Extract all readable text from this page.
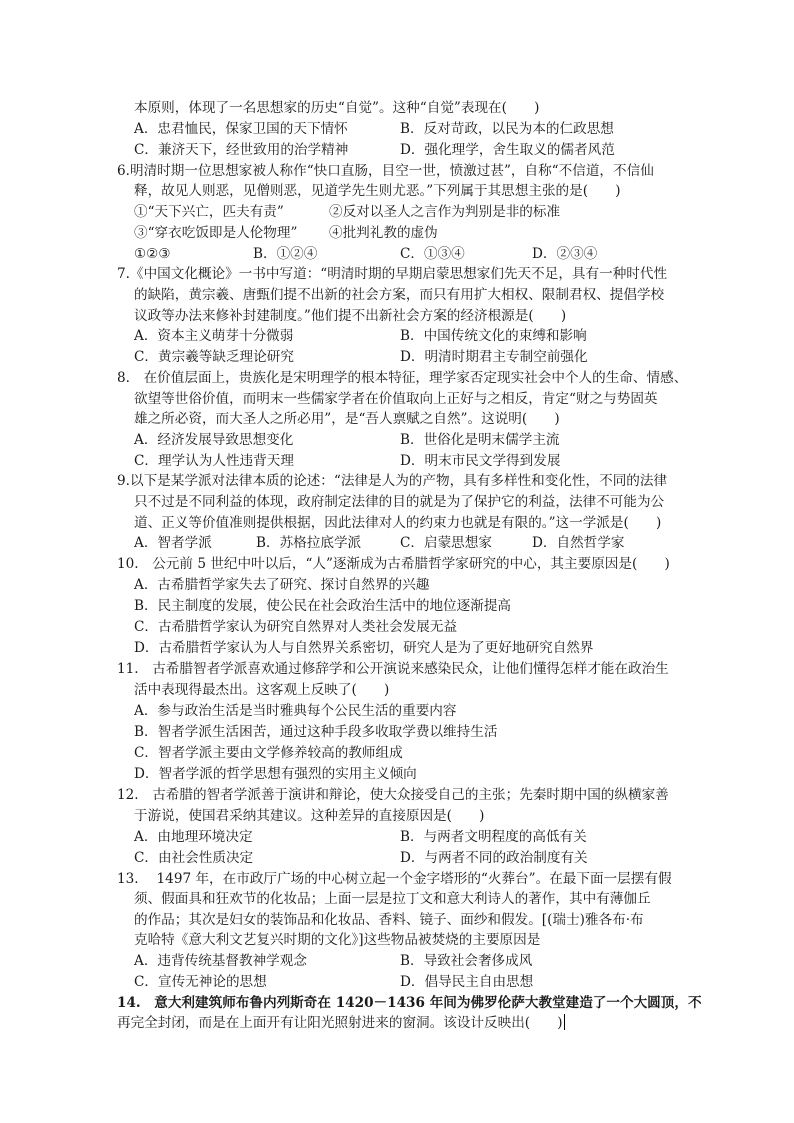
本原则，体现了一名思想家的历史“自觉”。这种“自觉”表现在(　　)
A．忠君恤民，保家卫国的天下情怀	B．反对苛政，以民为本的仁政思想
C．兼济天下，经世致用的治学精神	D．强化理学，舍生取义的儒者风范
6.明清时期一位思想家被人称作“快口直肠，目空一世，愤激过甚”，自称“不信道，不信仙
释，故见人则恶，见僧则恶，见道学先生则尤恶。”下列属于其思想主张的是(　　)
①“天下兴亡，匹夫有责”	②反对以圣人之言作为判别是非的标准
③“穿衣吃饭即是人伦物理” ④批判礼教的虚伪
①②③	B．①②④	C．①③④	D．②③④
7.《中国文化概论》一书中写道：“明清时期的早期启蒙思想家们先天不足，具有一种时代性
的缺陷，黄宗羲、唐甄们提不出新的社会方案，而只有用扩大相权、限制君权、提倡学校
议政等办法来修补封建制度。”他们提不出新社会方案的经济根源是(　　)
A．资本主义萌芽十分微弱	B．中国传统文化的束缚和影响
C．黄宗羲等缺乏理论研究	D．明清时期君主专制空前强化
8.　在价值层面上，贵族化是宋明理学的根本特征，理学家否定现实社会中个人的生命、情感、
欲望等世俗价值，而明末一些儒家学者在价值取向上正好与之相反，肯定“财之与势固英
雄之所必资，而大圣人之所必用”，是“吾人禀赋之自然”。这说明(　　)
A．经济发展导致思想变化	B．世俗化是明末儒学主流
C．理学认为人性违背天理	D．明末市民文学得到发展
9.以下是某学派对法律本质的论述：“法律是人为的产物，具有多样性和变化性，不同的法律
只不过是不同利益的体现，政府制定法律的目的就是为了保护它的利益，法律不可能为公
道、正义等价值准则提供根据，因此法律对人的约束力也就是有限的。”这一学派是(　　)
A．智者学派	B．苏格拉底学派	C．启蒙思想家	D．自然哲学家
10.　公元前 5 世纪中叶以后，“人”逐渐成为古希腊哲学家研究的中心，其主要原因是(　　)
A．古希腊哲学家失去了研究、探讨自然界的兴趣
B．民主制度的发展，使公民在社会政治生活中的地位逐渐提高
C．古希腊哲学家认为研究自然界对人类社会发展无益
D．古希腊哲学家认为人与自然界关系密切，研究人是为了更好地研究自然界
11.　古希腊智者学派喜欢通过修辞学和公开演说来感染民众，让他们懂得怎样才能在政治生
活中表现得最杰出。这客观上反映了(　　)
A．参与政治生活是当时雅典每个公民生活的重要内容
B．智者学派生活困苦，通过这种手段多收取学费以维持生活
C．智者学派主要由文学修养较高的教师组成
D．智者学派的哲学思想有强烈的实用主义倾向
12.　古希腊的智者学派善于演讲和辩论，使大众接受自己的主张；先秦时期中国的纵横家善
于游说，使国君采纳其建议。这种差异的直接原因是(　　)
A．由地理环境决定	B．与两者文明程度的高低有关
C．由社会性质决定	D．与两者不同的政治制度有关
13.　 1497 年，在市政厅广场的中心树立起一个金字塔形的“火葬台”。在最下面一层摆有假
须、假面具和狂欢节的化妆品；上面一层是拉丁文和意大利诗人的著作，其中有薄伽丘
的作品；其次是妇女的装饰品和化妆品、香料、镜子、面纱和假发。[(瑞士)雅各布·布
克哈特《意大利文艺复兴时期的文化》]这些物品被焚烧的主要原因是
A．违背传统基督教神学观念	B．导致社会奢侈成风
C．宣传无神论的思想	D．倡导民主自由思想
14.　意大利建筑师布鲁内列斯奇在 1420－1436 年间为佛罗伦萨大教堂建造了一个大圆顶，不
再完全封闭，而是在上面开有让阳光照射进来的窗洞。该设计反映出(　　)
